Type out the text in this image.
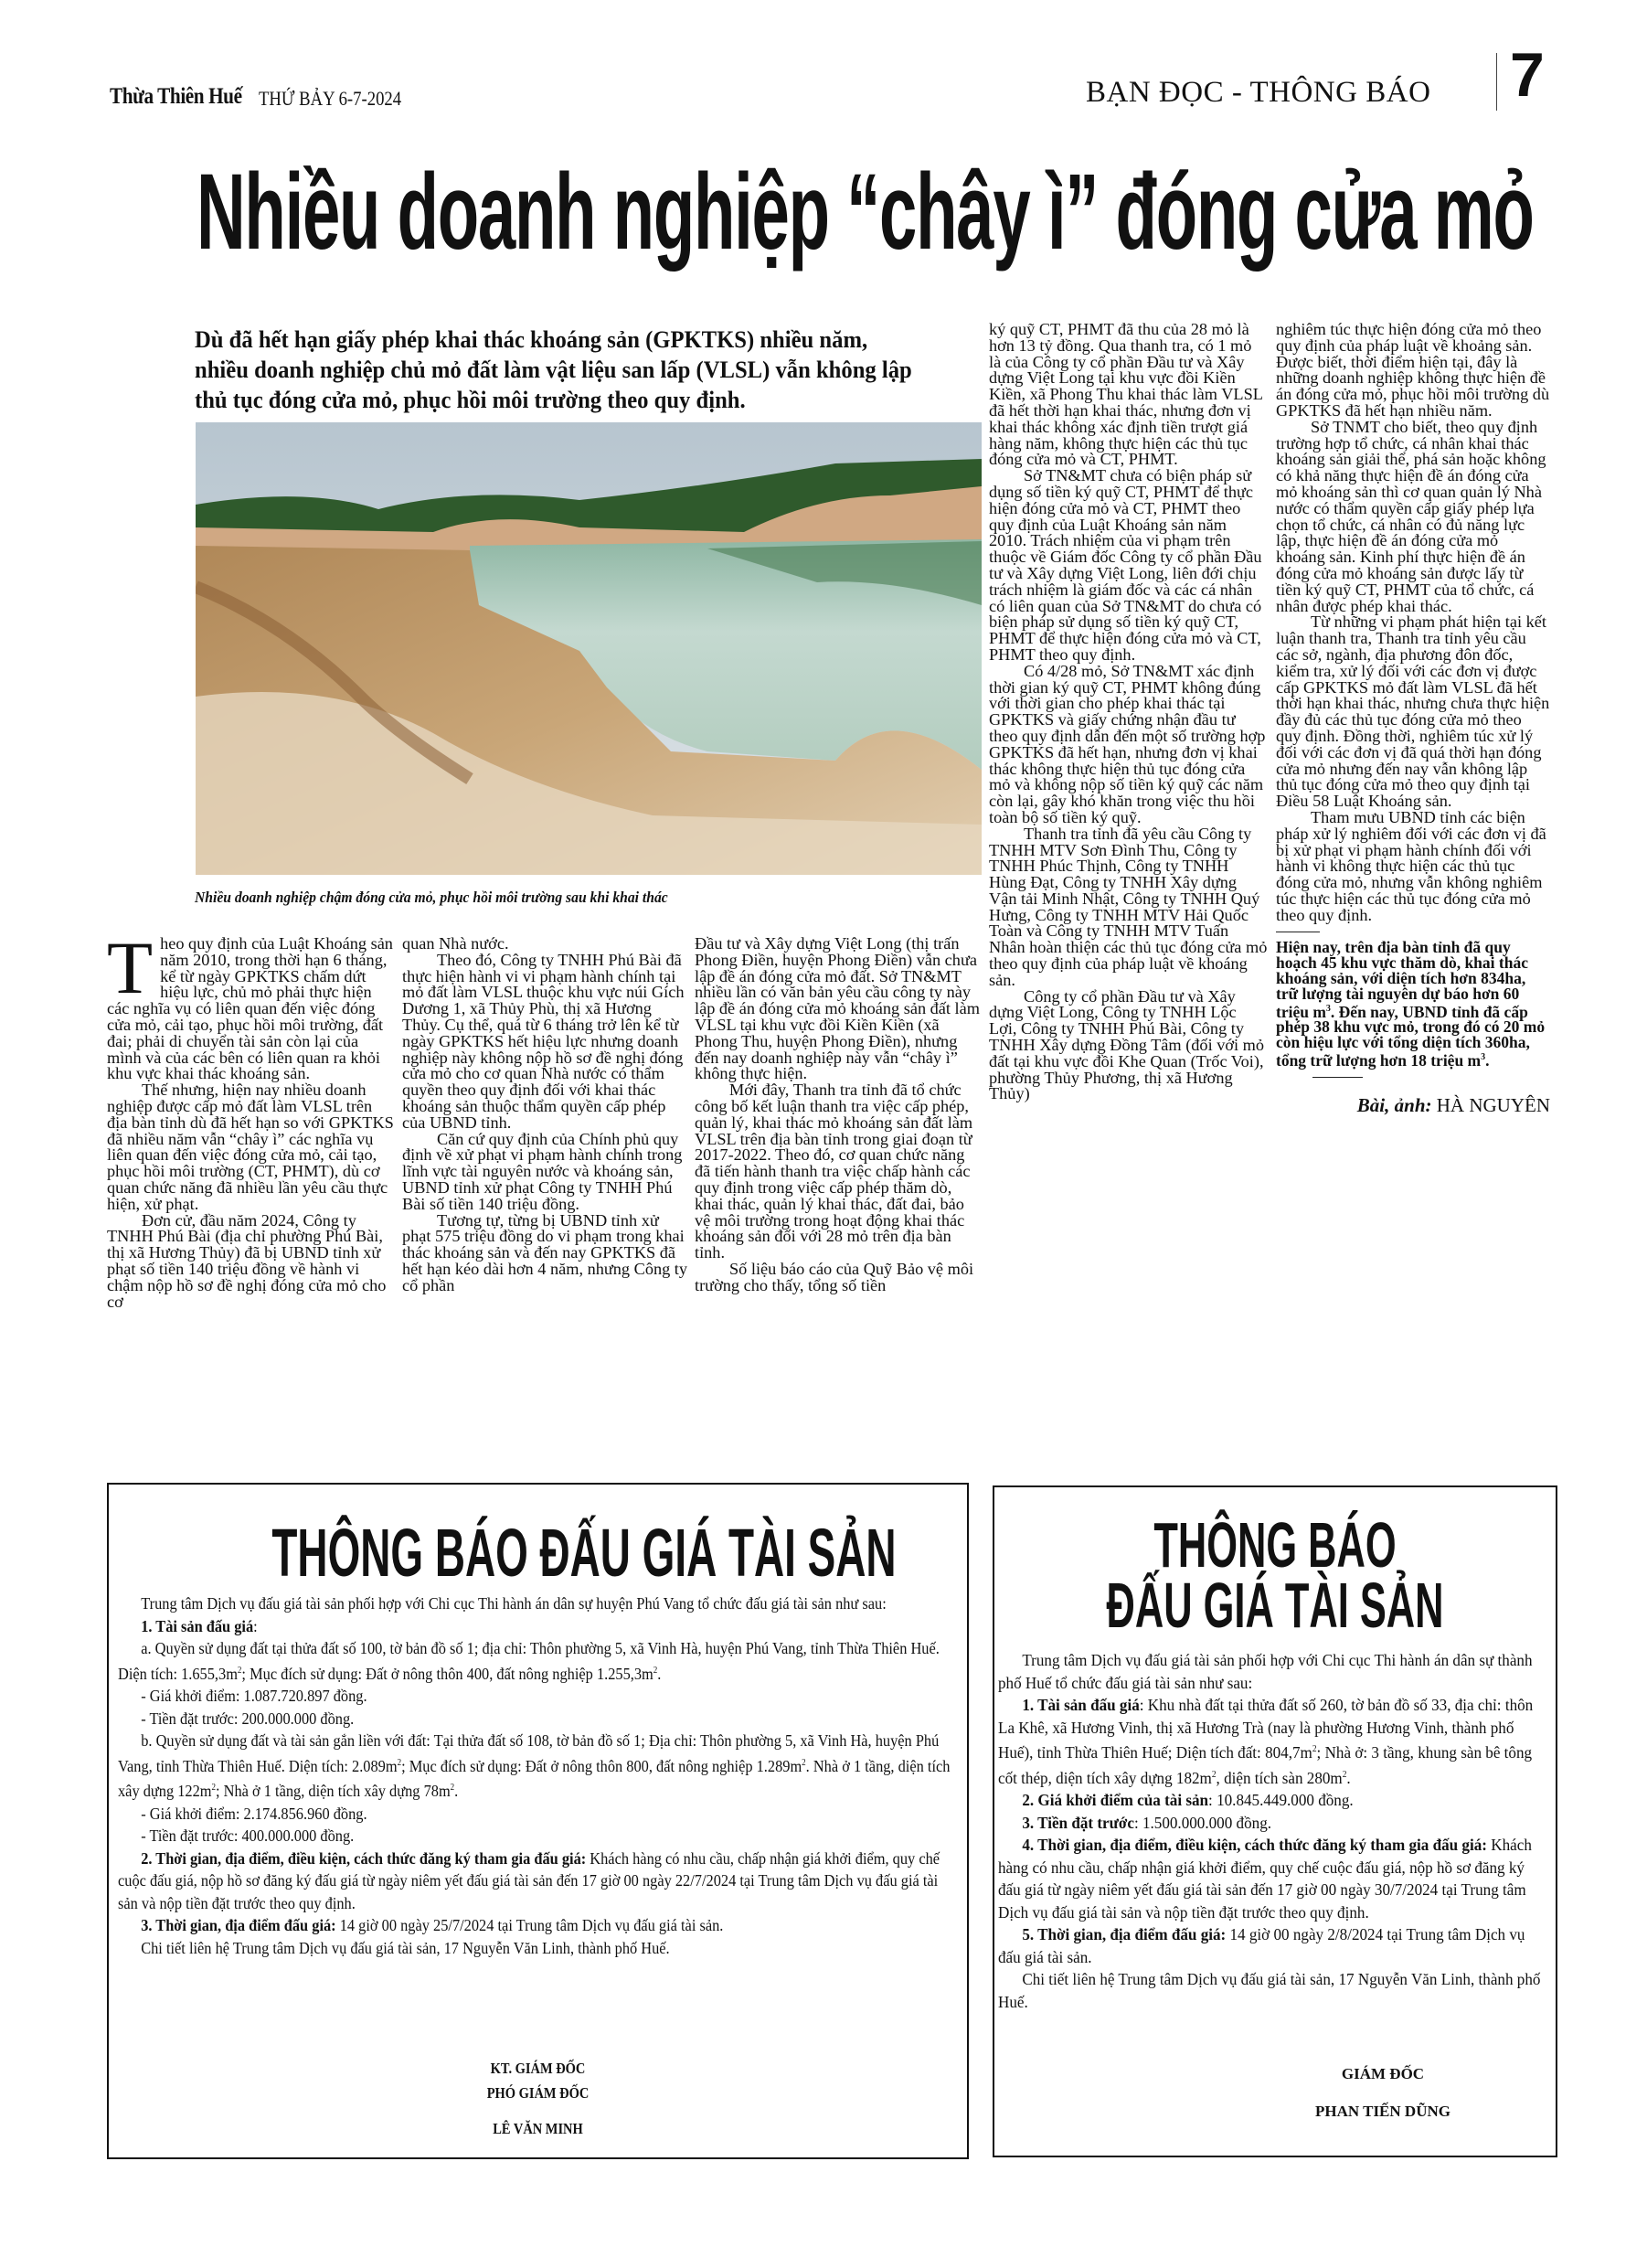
Thừa Thiên Huế THỨ BẢY 6-7-2024	BẠN ĐỌC - THÔNG BÁO 7
Nhiều doanh nghiệp “chây ì” đóng cửa mỏ
Dù đã hết hạn giấy phép khai thác khoáng sản (GPKTKS) nhiều năm, nhiều doanh nghiệp chủ mỏ đất làm vật liệu san lấp (VLSL) vẫn không lập thủ tục đóng cửa mỏ, phục hồi môi trường theo quy định.
Nhiều doanh nghiệp chậm đóng cửa mỏ, phục hồi môi trường sau khi khai thác

Theo quy định của Luật Khoáng sản năm 2010, trong thời hạn 6 tháng, kể từ ngày GPKTKS chấm dứt hiệu lực, chủ mỏ phải thực hiện các nghĩa vụ có liên quan đến việc đóng cửa mỏ, cải tạo, phục hồi môi trường, đất đai; phải di chuyển tài sản còn lại của mình và của các bên có liên quan ra khỏi khu vực khai thác khoáng sản.

Thế nhưng, hiện nay nhiều doanh nghiệp được cấp mỏ đất làm VLSL trên địa bàn tỉnh dù đã hết hạn so với GPKTKS đã nhiều năm vẫn “chây ì” các nghĩa vụ liên quan đến việc đóng cửa mỏ, cải tạo, phục hồi môi trường (CT, PHMT), dù cơ quan chức năng đã nhiều lần yêu cầu thực hiện, xử phạt.

Đơn cử, đầu năm 2024, Công ty TNHH Phú Bài (địa chỉ phường Phú Bài, thị xã Hương Thủy) đã bị UBND tỉnh xử phạt số tiền 140 triệu đồng về hành vi chậm nộp hồ sơ đề nghị đóng cửa mỏ cho cơ

quan Nhà nước.

Theo đó, Công ty TNHH Phú Bài đã thực hiện hành vi vi phạm hành chính tại mỏ đất làm VLSL thuộc khu vực núi Gích Dương 1, xã Thủy Phù, thị xã Hương Thủy. Cụ thể, quá từ 6 tháng trở lên kể từ ngày GPKTKS hết hiệu lực nhưng doanh nghiệp này không nộp hồ sơ đề nghị đóng cửa mỏ cho cơ quan Nhà nước có thẩm quyền theo quy định đối với khai thác khoáng sản thuộc thẩm quyền cấp phép của UBND tỉnh.

Căn cứ quy định của Chính phủ quy định về xử phạt vi phạm hành chính trong lĩnh vực tài nguyên nước và khoáng sản, UBND tỉnh xử phạt Công ty TNHH Phú Bài số tiền 140 triệu đồng.

Tương tự, từng bị UBND tỉnh xử phạt 575 triệu đồng do vi phạm trong khai thác khoáng sản và đến nay GPKTKS đã hết hạn kéo dài hơn 4 năm, nhưng Công ty cổ phần

Đầu tư và Xây dựng Việt Long (thị trấn Phong Điền, huyện Phong Điền) vẫn chưa lập đề án đóng cửa mỏ đất. Sở TN&MT nhiều lần có văn bản yêu cầu công ty này lập đề án đóng cửa mỏ khoáng sản đất làm VLSL tại khu vực đồi Kiền Kiền (xã Phong Thu, huyện Phong Điền), nhưng đến nay doanh nghiệp này vẫn “chây ì” không thực hiện.

Mới đây, Thanh tra tỉnh đã tổ chức công bố kết luận thanh tra việc cấp phép, quản lý, khai thác mỏ khoáng sản đất làm VLSL trên địa bàn tỉnh trong giai đoạn từ 2017-2022. Theo đó, cơ quan chức năng đã tiến hành thanh tra việc chấp hành các quy định trong việc cấp phép thăm dò, khai thác, quản lý khai thác, đất đai, bảo vệ môi trường trong hoạt động khai thác khoáng sản đối với 28 mỏ trên địa bàn tỉnh.

Số liệu báo cáo của Quỹ Bảo vệ môi trường cho thấy, tổng số tiền

ký quỹ CT, PHMT đã thu của 28 mỏ là hơn 13 tỷ đồng. Qua thanh tra, có 1 mỏ là của Công ty cổ phần Đầu tư và Xây dựng Việt Long tại khu vực đồi Kiền Kiền, xã Phong Thu khai thác làm VLSL đã hết thời hạn khai thác, nhưng đơn vị khai thác không xác định tiền trượt giá hàng năm, không thực hiện các thủ tục đóng cửa mỏ và CT, PHMT.

Sở TN&MT chưa có biện pháp sử dụng số tiền ký quỹ CT, PHMT để thực hiện đóng cửa mỏ và CT, PHMT theo quy định của Luật Khoáng sản năm 2010. Trách nhiệm của vi phạm trên thuộc về Giám đốc Công ty cổ phần Đầu tư và Xây dựng Việt Long, liên đới chịu trách nhiệm là giám đốc và các cá nhân có liên quan của Sở TN&MT do chưa có biện pháp sử dụng số tiền ký quỹ CT, PHMT để thực hiện đóng cửa mỏ và CT, PHMT theo quy định.

Có 4/28 mỏ, Sở TN&MT xác định thời gian ký quỹ CT, PHMT không đúng với thời gian cho phép khai thác tại GPKTKS và giấy chứng nhận đầu tư theo quy định dẫn đến một số trường hợp GPKTKS đã hết hạn, nhưng đơn vị khai thác không thực hiện thủ tục đóng cửa mỏ và không nộp số tiền ký quỹ các năm còn lại, gây khó khăn trong việc thu hồi toàn bộ số tiền ký quỹ.

Thanh tra tỉnh đã yêu cầu Công ty TNHH MTV Sơn Đình Thu, Công ty TNHH Phúc Thịnh, Công ty TNHH Hùng Đạt, Công ty TNHH Xây dựng Vận tải Minh Nhật, Công ty TNHH Quý Hưng, Công ty TNHH MTV Hải Quốc Toàn và Công ty TNHH MTV Tuấn Nhân hoàn thiện các thủ tục đóng cửa mỏ theo quy định của pháp luật về khoáng sản.

Công ty cổ phần Đầu tư và Xây dựng Việt Long, Công ty TNHH Lộc Lợi, Công ty TNHH Phú Bài, Công ty TNHH Xây dựng Đồng Tâm (đối với mỏ đất tại khu vực đồi Khe Quan (Trốc Voi), phường Thủy Phương, thị xã Hương Thủy)

nghiêm túc thực hiện đóng cửa mỏ theo quy định của pháp luật về khoảng sản. Được biết, thời điểm hiện tại, đây là những doanh nghiệp không thực hiện đề án đóng cửa mỏ, phục hồi môi trường dù GPKTKS đã hết hạn nhiều năm.

Sở TNMT cho biết, theo quy định trường hợp tổ chức, cá nhân khai thác khoáng sản giải thể, phá sản hoặc không có khả năng thực hiện đề án đóng cửa mỏ khoáng sản thì cơ quan quản lý Nhà nước có thẩm quyền cấp giấy phép lựa chọn tổ chức, cá nhân có đủ năng lực lập, thực hiện đề án đóng cửa mỏ khoáng sản. Kinh phí thực hiện đề án đóng cửa mỏ khoáng sản được lấy từ tiền ký quỹ CT, PHMT của tổ chức, cá nhân được phép khai thác.

Từ những vi phạm phát hiện tại kết luận thanh tra, Thanh tra tỉnh yêu cầu các sở, ngành, địa phương đôn đốc, kiểm tra, xử lý đối với các đơn vị được cấp GPKTKS mỏ đất làm VLSL đã hết thời hạn khai thác, nhưng chưa thực hiện đầy đủ các thủ tục đóng cửa mỏ theo quy định. Đồng thời, nghiêm túc xử lý đối với các đơn vị đã quá thời hạn đóng cửa mỏ nhưng đến nay vẫn không lập thủ tục đóng cửa mỏ theo quy định tại Điều 58 Luật Khoáng sản.

Tham mưu UBND tỉnh các biện pháp xử lý nghiêm đối với các đơn vị đã bị xử phạt vi phạm hành chính đối với hành vi không thực hiện các thủ tục đóng cửa mỏ, nhưng vẫn không nghiêm túc thực hiện các thủ tục đóng cửa mỏ theo quy định.

Hiện nay, trên địa bàn tỉnh đã quy hoạch 45 khu vực thăm dò, khai thác khoáng sản, với diện tích hơn 834ha, trữ lượng tài nguyên dự báo hơn 60 triệu $m^3$. Đến nay, UBND tỉnh đã cấp phép 38 khu vực mỏ, trong đó có 20 mỏ còn hiệu lực với tổng diện tích 360ha, tổng trữ lượng hơn 18 triệu $m^3$.
Bài, ảnh: HÀ NGUYÊN
THÔNG BÁO ĐẤU GIÁ TÀI SẢN

Trung tâm Dịch vụ đấu giá tài sản phối hợp với Chi cục Thi hành án dân sự huyện Phú Vang tổ chức đấu giá tài sản như sau:

1. Tài sản đấu giá:

a. Quyền sử dụng đất tại thửa đất số 100, tờ bản đồ số 1; địa chỉ: Thôn phường 5, xã Vinh Hà, huyện Phú Vang, tỉnh Thừa Thiên Huế. Diện tích: $1.655,3m^2$; Mục đích sử dụng: Đất ở nông thôn 400, đất nông nghiệp $1.255,3m^2$.

- Giá khởi điểm: 1.087.720.897 đồng.

- Tiền đặt trước: 200.000.000 đồng.

b. Quyền sử dụng đất và tài sản gắn liền với đất: Tại thửa đất số 108, tờ bản đồ số 1; Địa chỉ: Thôn phường 5, xã Vinh Hà, huyện Phú Vang, tỉnh Thừa Thiên Huế. Diện tích: $2.089m^2$; Mục đích sử dụng: Đất ở nông thôn 800, đất nông nghiệp $1.289m^2$. Nhà ở 1 tầng, diện tích xây dựng $122m^2$; Nhà ở 1 tầng, diện tích xây dựng $78m^2$.

- Giá khởi điểm: 2.174.856.960 đồng.

- Tiền đặt trước: 400.000.000 đồng.

2. Thời gian, địa điểm, điều kiện, cách thức đăng ký tham gia đấu giá: Khách hàng có nhu cầu, chấp nhận giá khởi điểm, quy chế cuộc đấu giá, nộp hồ sơ đăng ký đấu giá từ ngày niêm yết đấu giá tài sản đến 17 giờ 00 ngày 22/7/2024 tại Trung tâm Dịch vụ đấu giá tài sản và nộp tiền đặt trước theo quy định.

3. Thời gian, địa điểm đấu giá: 14 giờ 00 ngày 25/7/2024 tại Trung tâm Dịch vụ đấu giá tài sản.

Chi tiết liên hệ Trung tâm Dịch vụ đấu giá tài sản, 17 Nguyễn Văn Linh, thành phố Huế.

KT. GIÁM ĐỐC
PHÓ GIÁM ĐỐC
LÊ VĂN MINH
THÔNG BÁO
ĐẤU GIÁ TÀI SẢN

Trung tâm Dịch vụ đấu giá tài sản phối hợp với Chi cục Thi hành án dân sự thành phố Huế tổ chức đấu giá tài sản như sau:

1. Tài sản đấu giá: Khu nhà đất tại thửa đất số 260, tờ bản đồ số 33, địa chỉ: thôn La Khê, xã Hương Vinh, thị xã Hương Trà (nay là phường Hương Vinh, thành phố Huế), tỉnh Thừa Thiên Huế; Diện tích đất: $804,7m^2$; Nhà ở: 3 tầng, khung sàn bê tông cốt thép, diện tích xây dựng $182m^2$, diện tích sàn $280m^2$.

2. Giá khởi điểm của tài sản: 10.845.449.000 đồng.

3. Tiền đặt trước: 1.500.000.000 đồng.

4. Thời gian, địa điểm, điều kiện, cách thức đăng ký tham gia đấu giá: Khách hàng có nhu cầu, chấp nhận giá khởi điểm, quy chế cuộc đấu giá, nộp hồ sơ đăng ký đấu giá từ ngày niêm yết đấu giá tài sản đến 17 giờ 00 ngày 30/7/2024 tại Trung tâm Dịch vụ đấu giá tài sản và nộp tiền đặt trước theo quy định.

5. Thời gian, địa điểm đấu giá: 14 giờ 00 ngày 2/8/2024 tại Trung tâm Dịch vụ đấu giá tài sản.

Chi tiết liên hệ Trung tâm Dịch vụ đấu giá tài sản, 17 Nguyễn Văn Linh, thành phố Huế.

GIÁM ĐỐC
PHAN TIẾN DŨNG
